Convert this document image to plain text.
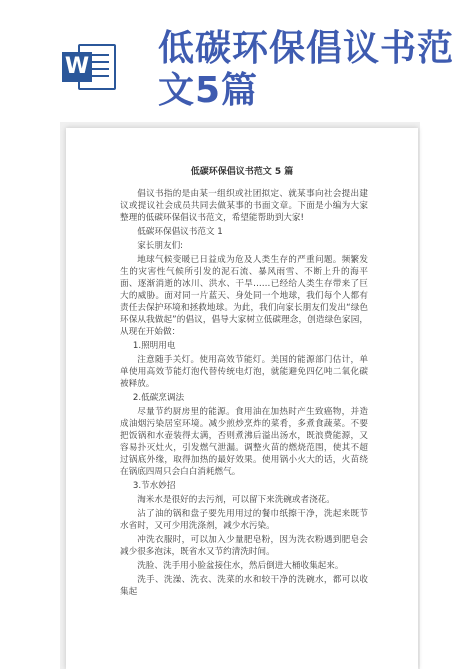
W 低碳环保倡议书范
文5篇
低碳环保倡议书范文 5 篇

倡议书指的是由某一组织或社团拟定、就某事向社会提出建议或提议社会成员共同去做某事的书面文章。下面是小编为大家整理的低碳环保倡议书范文，希望能帮助到大家!

低碳环保倡议书范文 1

家长朋友们:

地球气候变暖已日益成为危及人类生存的严重问题。频繁发生的灾害性气候所引发的泥石流、暴风雨雪、不断上升的海平面、逐渐消逝的冰川、洪水、干旱……已经给人类生存带来了巨大的威胁。面对同一片蓝天、身处同一个地球，我们每个人都有责任去保护环境和拯救地球。为此，我们向家长朋友们发出“绿色环保从我做起”的倡议，倡导大家树立低碳理念，创造绿色家园，从现在开始做：

1.照明用电

注意随手关灯。使用高效节能灯。美国的能源部门估计，单单使用高效节能灯泡代替传统电灯泡，就能避免四亿吨二氧化碳被释放。

2.低碳烹调法

尽量节约厨房里的能源。食用油在加热时产生致癌物，并造成油烟污染居室环境。减少煎炒烹炸的菜肴，多煮食蔬菜。不要把饭锅和水壶装得太满，否则煮沸后溢出汤水，既浪费能源，又容易扑灭灶火，引发燃气泄漏。调整火苗的燃烧范围，使其不超过锅底外缘，取得加热的最好效果。使用锅小火大的话，火苗绕在锅底四周只会白白消耗燃气。

3.节水妙招

淘米水是很好的去污剂，可以留下来洗碗或者浇花。

沾了油的锅和盘子要先用用过的餐巾纸擦干净，洗起来既节水省时，又可少用洗涤剂，减少水污染。

冲洗衣服时，可以加入少量肥皂粉，因为洗衣粉遇到肥皂会减少很多泡沫，既省水又节约清洗时间。

洗脸、洗手用小脸盆接住水，然后倒进大桶收集起来。

洗手、洗澡、洗衣、洗菜的水和较干净的洗碗水，都可以收集起
